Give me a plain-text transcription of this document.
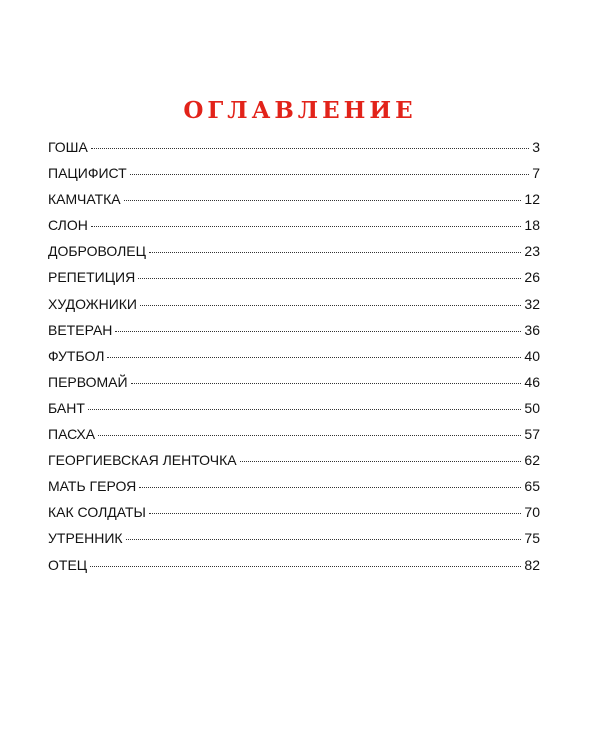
ОГЛАВЛЕНИЕ
ГОША	3
ПАЦИФИСТ	7
КАМЧАТКА	12
СЛОН	18
ДОБРОВОЛЕЦ	23
РЕПЕТИЦИЯ	26
ХУДОЖНИКИ	32
ВЕТЕРАН	36
ФУТБОЛ	40
ПЕРВОМАЙ	46
БАНТ	50
ПАСХА	57
ГЕОРГИЕВСКАЯ ЛЕНТОЧКА	62
МАТЬ ГЕРОЯ	65
КАК СОЛДАТЫ	70
УТРЕННИК	75
ОТЕЦ	82
